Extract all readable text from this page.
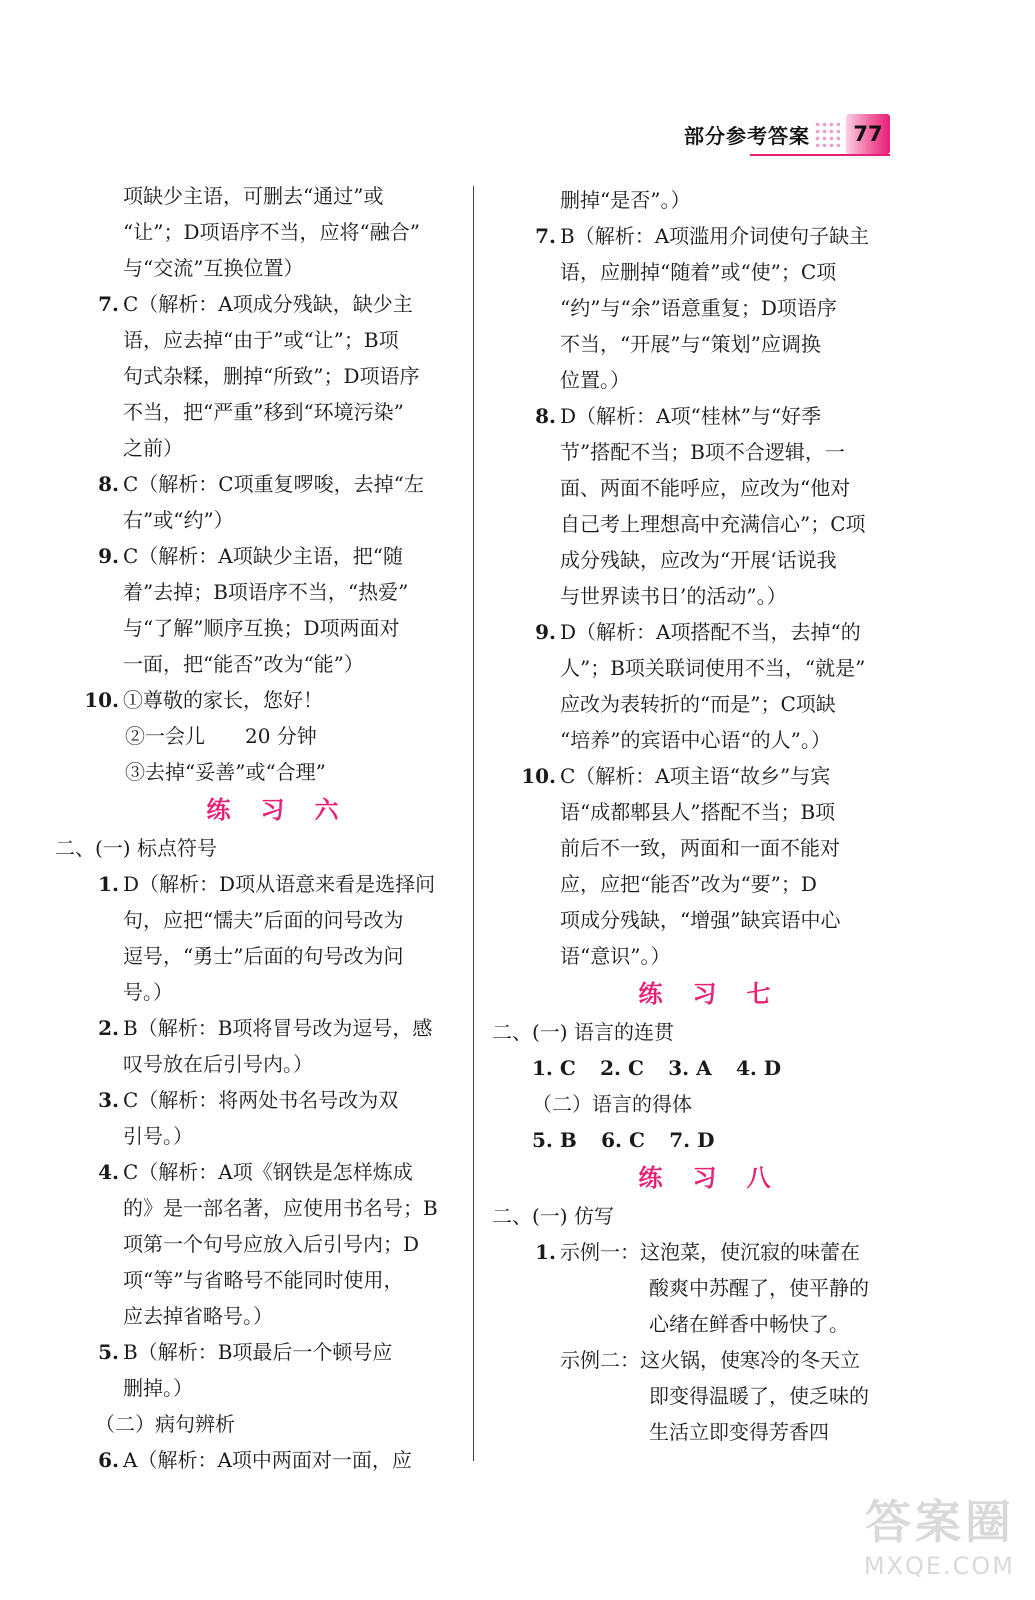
部分参考答案	77
项缺少主语，可删去“通过”或
“让”；D项语序不当，应将“融合”
与“交流”互换位置）
7. C（解析：A项成分残缺，缺少主
语，应去掉“由于”或“让”；B项
句式杂糅，删掉“所致”；D项语序
不当，把“严重”移到“环境污染”
之前）
8. C（解析：C项重复啰唆，去掉“左
右”或“约”）
9. C（解析：A项缺少主语，把“随
着”去掉；B项语序不当，“热爱”
与“了解”顺序互换；D项两面对
一面，把“能否”改为“能”）
10. ①尊敬的家长，您好！
②一会儿　　20 分钟
③去掉“妥善”或“合理”
练习六
二、(一) 标点符号
1. D（解析：D项从语意来看是选择问
句，应把“懦夫”后面的问号改为
逗号，“勇士”后面的句号改为问
号。）
2. B（解析：B项将冒号改为逗号，感
叹号放在后引号内。）
3. C（解析：将两处书名号改为双
引号。）
4. C（解析：A项《钢铁是怎样炼成
的》是一部名著，应使用书名号；B
项第一个句号应放入后引号内；D
项“等”与省略号不能同时使用，
应去掉省略号。）
5. B（解析：B项最后一个顿号应
删掉。）
（二）病句辨析
6. A（解析：A项中两面对一面，应
删掉“是否”。）
7. B（解析：A项滥用介词使句子缺主
语，应删掉“随着”或“使”；C项
“约”与“余”语意重复；D项语序
不当，“开展”与“策划”应调换
位置。）
8. D（解析：A项“桂林”与“好季
节”搭配不当；B项不合逻辑，一
面、两面不能呼应，应改为“他对
自己考上理想高中充满信心”；C项
成分残缺，应改为“开展‘话说我
与世界读书日’的活动”。）
9. D（解析：A项搭配不当，去掉“的
人”；B项关联词使用不当，“就是”
应改为表转折的“而是”；C项缺
“培养”的宾语中心语“的人”。）
10. C（解析：A项主语“故乡”与宾
语“成都郫县人”搭配不当；B项
前后不一致，两面和一面不能对
应，应把“能否”改为“要”；D
项成分残缺，“增强”缺宾语中心
语“意识”。）
练习七
二、(一) 语言的连贯
1. C 2. C 3. A 4. D
（二）语言的得体
5. B 6. C 7. D
练习八
二、(一) 仿写
1. 示例一：这泡菜，使沉寂的味蕾在
酸爽中苏醒了，使平静的
心绪在鲜香中畅快了。
示例二：这火锅，使寒冷的冬天立
即变得温暖了，使乏味的
生活立即变得芳香四
答案圈
MXQE.COM
